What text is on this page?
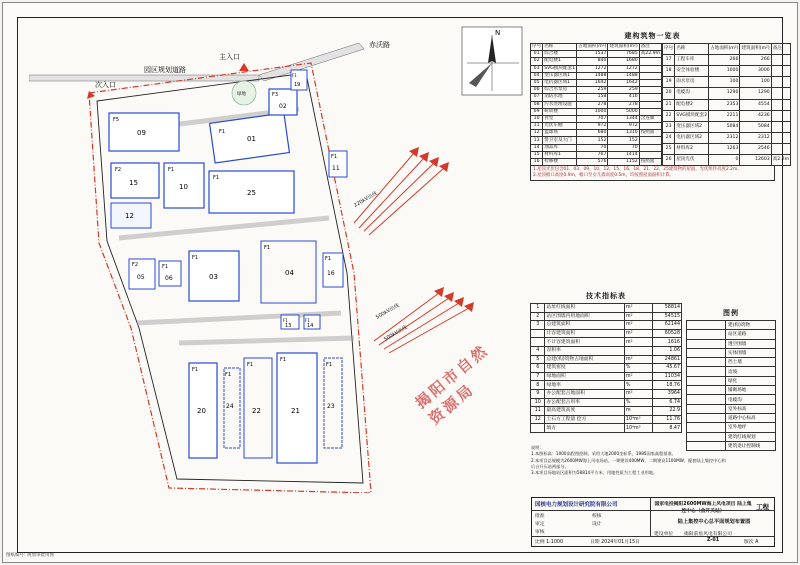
园区规划道路
赤沃路
F5
09	F1
01
F2
15
F1
10
F1
25
12
F3
02
F2
05
F1
06
F1
03
F1
04
F1
20
F1
21
F1
22
F1
23
F1
24
F1
11
F1
13
F1
14
F1
16
F1
19
绿地
220kV出线
500kV出线
500kV出线
主入口
次入口
N	建构筑物一览表
序号	名称	占地面积(m²)	建筑面积(m²)	备注
01	综合楼	1537	7685	高22.9m
02	配电楼1	840	1680	
03	SVG模块配套1	1272	1272	
04	变压器区域1	1488	1488	
05	电抗器区域1	1642	1642	
06	综合水泵房	259	259	
07	消防水池	158	416	
08	污水处理设施	278	278	
09	研训楼	1000	5000	
10	食堂	707	1344	含连廊
11	光伏车棚	972	972	
12	篮球场	680	1310	按照面
13	警卫室及大门	152	152	
14	油品库	70	70	
15	材料库1	767	1414	
16	检修楼	576	1152	按照面
序号	名称	占地面积(m²)	建筑面积(m²)	备注
17	工程车库	266	266	
18	安全体验楼	1000	3000	
19	雨水泵房	100	100	
20	电缆沟	1290	1290	
21	配电楼2	2353	4554	
22	SVG模块配套2	2211	4236	
23	变压器区域2	5084	5084	
24	电抗器区域2	2312	2312	
25	材料库2	1263	2546	
26	屋顶光伏	0	12603	高2.2m
1.屋顶光伏包含01、03、09、10、12、15、16、18、21、22、25建筑物的屋面，光伏组件高度2.2m。
2.屋顶檐口高度0.9m，檐口至女儿墙高度0.5m，均按照屋面面积计算。
技术指标表
1	站址红线面积	m²	58814
2	站区围墙内用地面积	m²	54515
3	总建筑面积	m²	62144
	计容建筑面积	m²	60528
	不计容建筑面积	m²	1616
4	容积率		1.06
5	总建(构)筑物占地面积	m²	24861
6	建筑密度	%	45.67
7	绿地面积	m²	11034
8	绿地率	%	18.76
9	办公配套占地面积	m²	3964
10	办公配套占用率	%	6.74
11	最高建筑高度	m	22.9
12	土石方工程量 挖方	10⁴m³	11.76
	填方	10⁴m³	8.47
图例
	建(构)筑物
	站区道路
	透空围墙
	实体围墙
	挡土墙
	边坡
	绿化
	铺砌场地
	电缆沟
	室外标高
	道路中心标高
	室外地坪
	建筑红线规划
	建筑退让控制线
说明：
1.本图标高：1000高程图控制，采用大地2000坐标系，1985国家高程基准。
2.本项目总规模为2600MW海上风电场站，一期建设400MW，二期建设1100MW，配套陆上集控中心和
后台升压站两部分。
3.本项目场地站区面积为58814平方米，用地性质为工程工业用地。
国核电力规划设计研究院有限公司	国家电投揭阳2600MW海上风电项目 陆上集控中心（含开关站）
工程
批准
审定
审核
校核
设计	陆上集控中心总平面规划布置图
建设单位 揭阳前詹风电有限公司
比例 1:1000	日期 2024年01月15日	Z-01	版次 A
揭阳市自然资源局
图纸编号: 规划审批用图
